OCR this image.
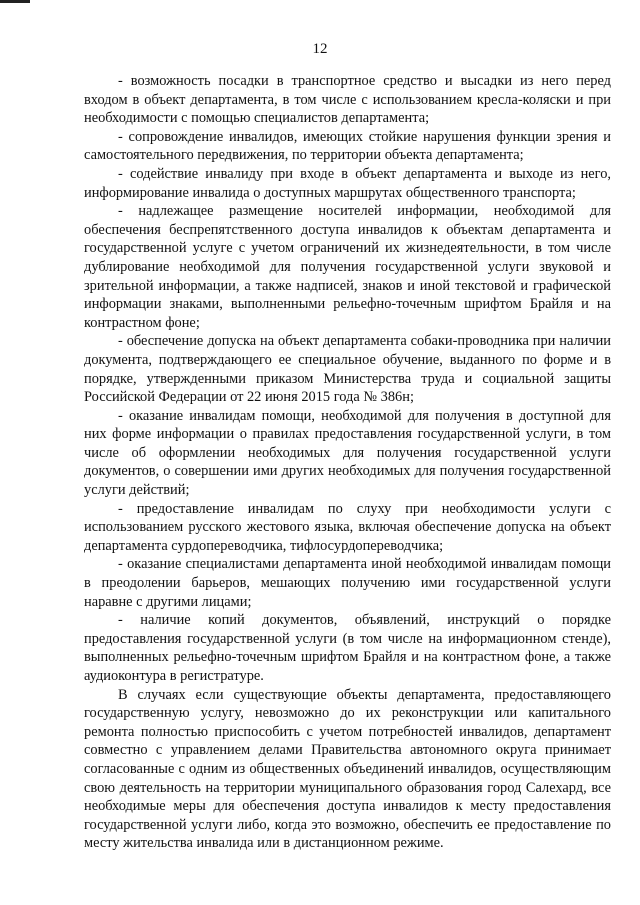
12

- возможность посадки в транспортное средство и высадки из него перед входом в объект департамента, в том числе с использованием кресла-коляски и при необходимости с помощью специалистов департамента;

- сопровождение инвалидов, имеющих стойкие нарушения функции зрения и самостоятельного передвижения, по территории объекта департамента;

- содействие инвалиду при входе в объект департамента и выходе из него, информирование инвалида о доступных маршрутах общественного транспорта;

- надлежащее размещение носителей информации, необходимой для обеспечения беспрепятственного доступа инвалидов к объектам департамента и государственной услуге с учетом ограничений их жизнедеятельности, в том числе дублирование необходимой для получения государственной услуги звуковой и зрительной информации, а также надписей, знаков и иной текстовой и графической информации знаками, выполненными рельефно-точечным шрифтом Брайля и на контрастном фоне;

- обеспечение допуска на объект департамента собаки-проводника при наличии документа, подтверждающего ее специальное обучение, выданного по форме и в порядке, утвержденными приказом Министерства труда и социальной защиты Российской Федерации от 22 июня 2015 года № 386н;

- оказание инвалидам помощи, необходимой для получения в доступной для них форме информации о правилах предоставления государственной услуги, в том числе об оформлении необходимых для получения государственной услуги документов, о совершении ими других необходимых для получения государственной услуги действий;

- предоставление инвалидам по слуху при необходимости услуги с использованием русского жестового языка, включая обеспечение допуска на объект департамента сурдопереводчика, тифлосурдопереводчика;

- оказание специалистами департамента иной необходимой инвалидам помощи в преодолении барьеров, мешающих получению ими государственной услуги наравне с другими лицами;

- наличие копий документов, объявлений, инструкций о порядке предоставления государственной услуги (в том числе на информационном стенде), выполненных рельефно-точечным шрифтом Брайля и на контрастном фоне, а также аудиоконтура в регистратуре.

В случаях если существующие объекты департамента, предоставляющего государственную услугу, невозможно до их реконструкции или капитального ремонта полностью приспособить с учетом потребностей инвалидов, департамент совместно с управлением делами Правительства автономного округа принимает согласованные с одним из общественных объединений инвалидов, осуществляющим свою деятельность на территории муниципального образования город Салехард, все необходимые меры для обеспечения доступа инвалидов к месту предоставления государственной услуги либо, когда это возможно, обеспечить ее предоставление по месту жительства инвалида или в дистанционном режиме.
